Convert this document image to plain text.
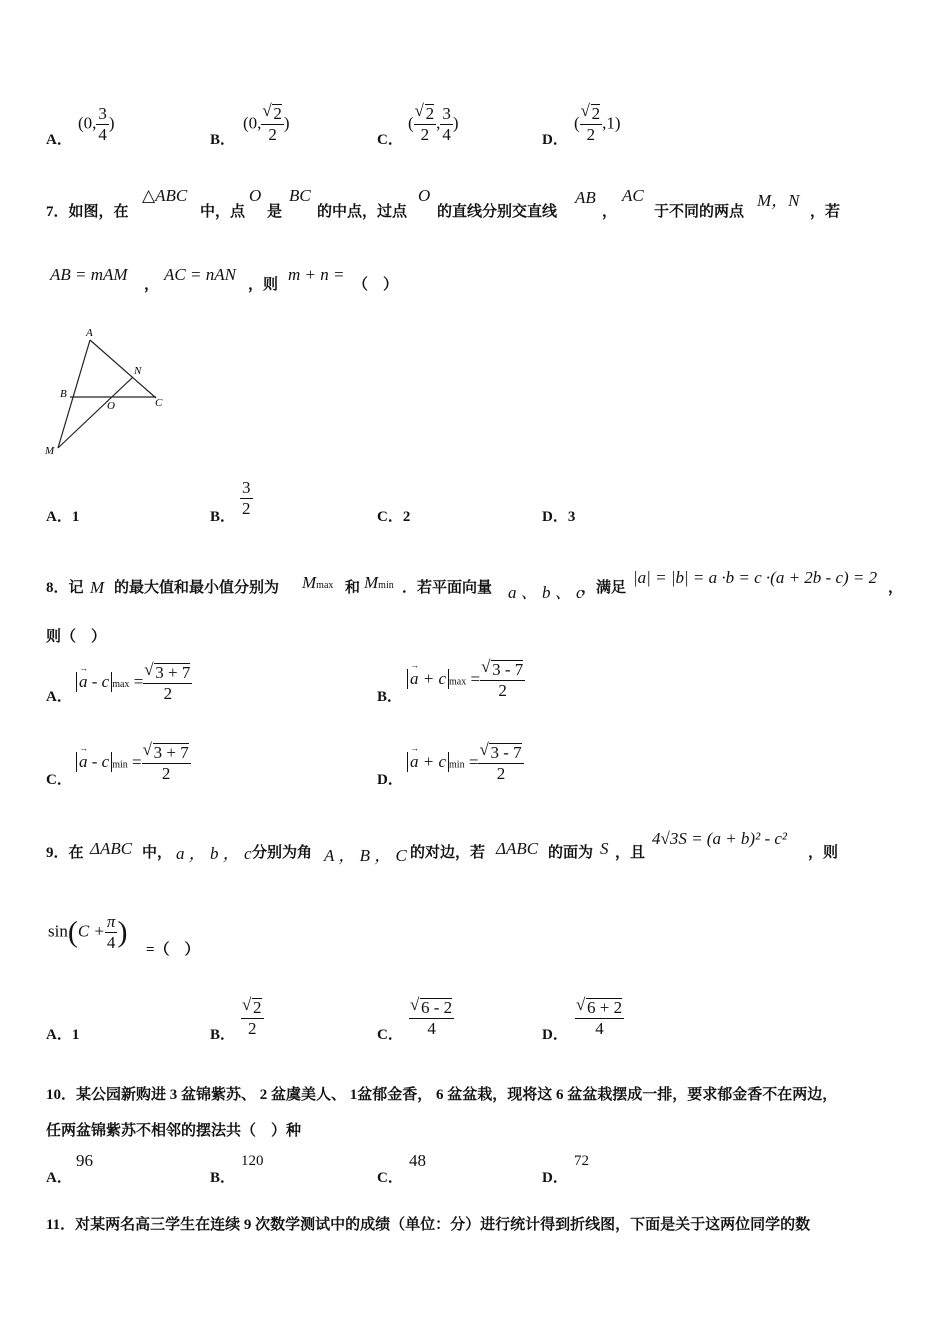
A．
(0, $\frac{3}{4}$ )
B．
(0, √ $\frac{2}{2}$ )
C．
( √ $\frac{2}{2}$ , $\frac{3}{4}$ )
D．
( √ $\frac{2}{2} ,1$)
7．如图，在
△ABC
中，点
O
是
BC
的中点，过点
O
的直线分别交直线
AB
，
AC
于不同的两点
M，N
，若
AB = mAM
，
AC = nAN
，则
m + n =
（　）
A
B
C
N
O
M
A．1	B． $\frac{3}{2}$	C．2	D．3
8．记 M 的最大值和最小值分别为 Mmax 和 Mmin ．若平面向量 a 、 b 、 c
，满足
|a| = |b| = a ·b = c ·(a + 2b - c) = 2
，
则（　）
A．
→ a - c max = √ $\frac{3 + 7}{2}$	B．
→ a + c max = √ $\frac{3 - 7}{2}$
C．
→ a - c min = √ $\frac{3 + 7}{2}$	D．
→ a + c min = √ $\frac{3 - 7}{2}$
9．在 ΔABC 中， a ， b ， c 分别为角 A ， B ， C 的对边，若 ΔABC 的面为 S ，且
4√3S = (a + b)² - c²
，则
$\sin(C + \frac{\pi}{4}$ )
=（　）
A．1	B． √ $\frac{2}{2}$	C． √ $\frac{6 - 2}{4}$	D． √ $\frac{6 + 2}{4}$
10．某公园新购进 3 盆锦紫苏、 2 盆虞美人、 1盆郁金香， 6 盆盆栽，现将这 6 盆盆栽摆成一排，要求郁金香不在两边，
任两盆锦紫苏不相邻的摆法共（　）种
A．
96
B．
120
C．
48
D．
72
11．对某两名高三学生在连续 9 次数学测试中的成绩（单位：分）进行统计得到折线图，下面是关于这两位同学的数
